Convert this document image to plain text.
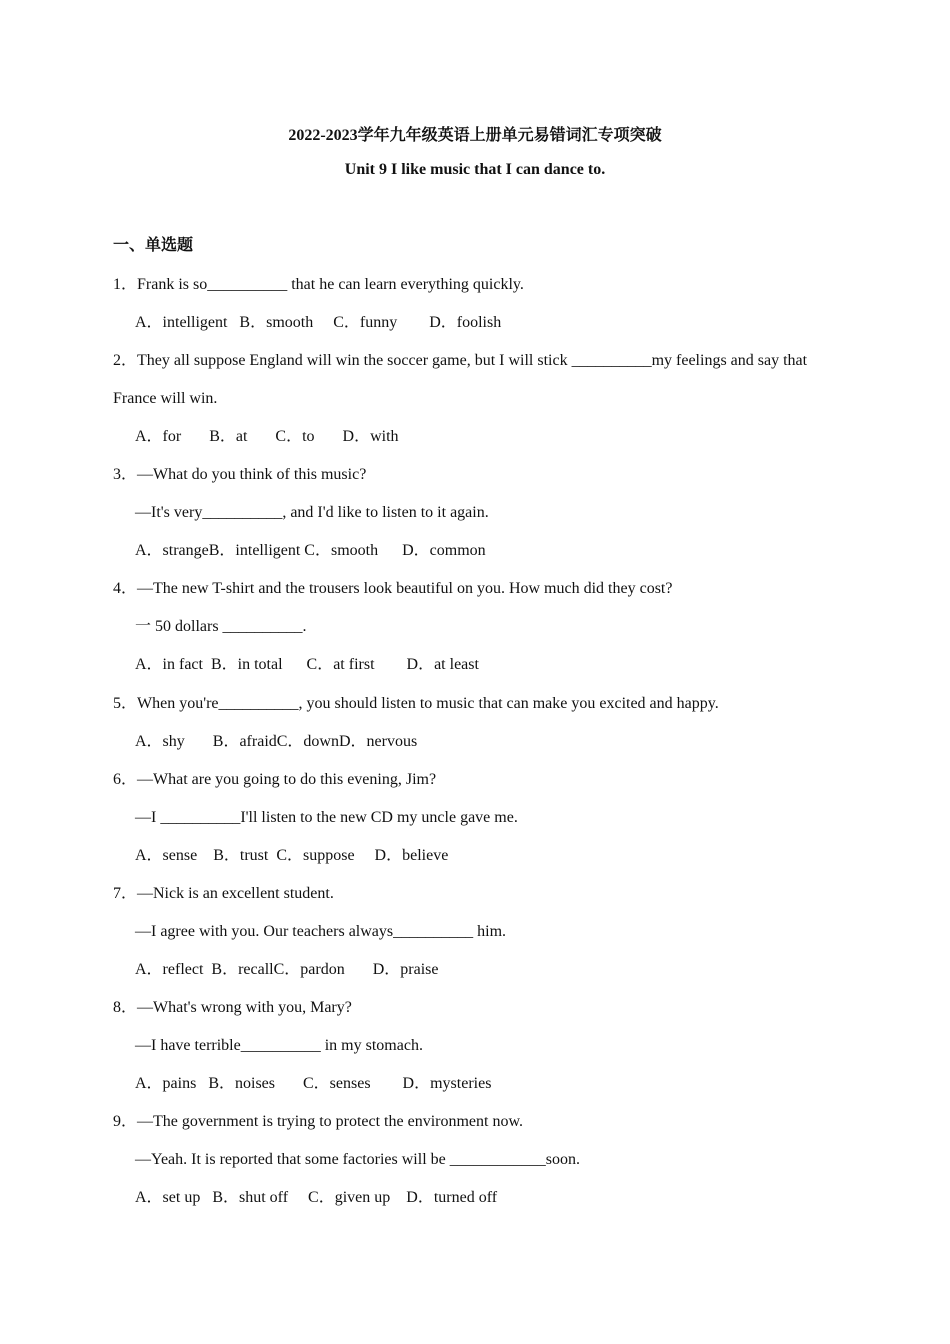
2022-2023学年九年级英语上册单元易错词汇专项突破
Unit 9 I like music that I can dance to.
一、单选题
1．Frank is so__________ that he can learn everything quickly.
A．intelligent   B．smooth     C．funny        D．foolish
2．They all suppose England will win the soccer game, but I will stick __________my feelings and say that
France will win.
A．for       B．at       C．to       D．with
3．—What do you think of this music?
—It's very__________, and I'd like to listen to it again.
A．strangeB．intelligent C．smooth      D．common
4．—The new T-shirt and the trousers look beautiful on you. How much did they cost?
一 50 dollars __________.
A．in fact  B．in total      C．at first        D．at least
5．When you're__________, you should listen to music that can make you excited and happy.
A．shy       B．afraidC．downD．nervous
6．—What are you going to do this evening, Jim?
—I __________I'll listen to the new CD my uncle gave me.
A．sense    B．trust  C．suppose     D．believe
7．—Nick is an excellent student.
—I agree with you. Our teachers always__________ him.
A．reflect  B．recallC．pardon       D．praise
8．—What's wrong with you, Mary?
—I have terrible__________ in my stomach.
A．pains   B．noises       C．senses        D．mysteries
9．—The government is trying to protect the environment now.
—Yeah. It is reported that some factories will be ____________soon.
A．set up   B．shut off     C．given up    D．turned off
